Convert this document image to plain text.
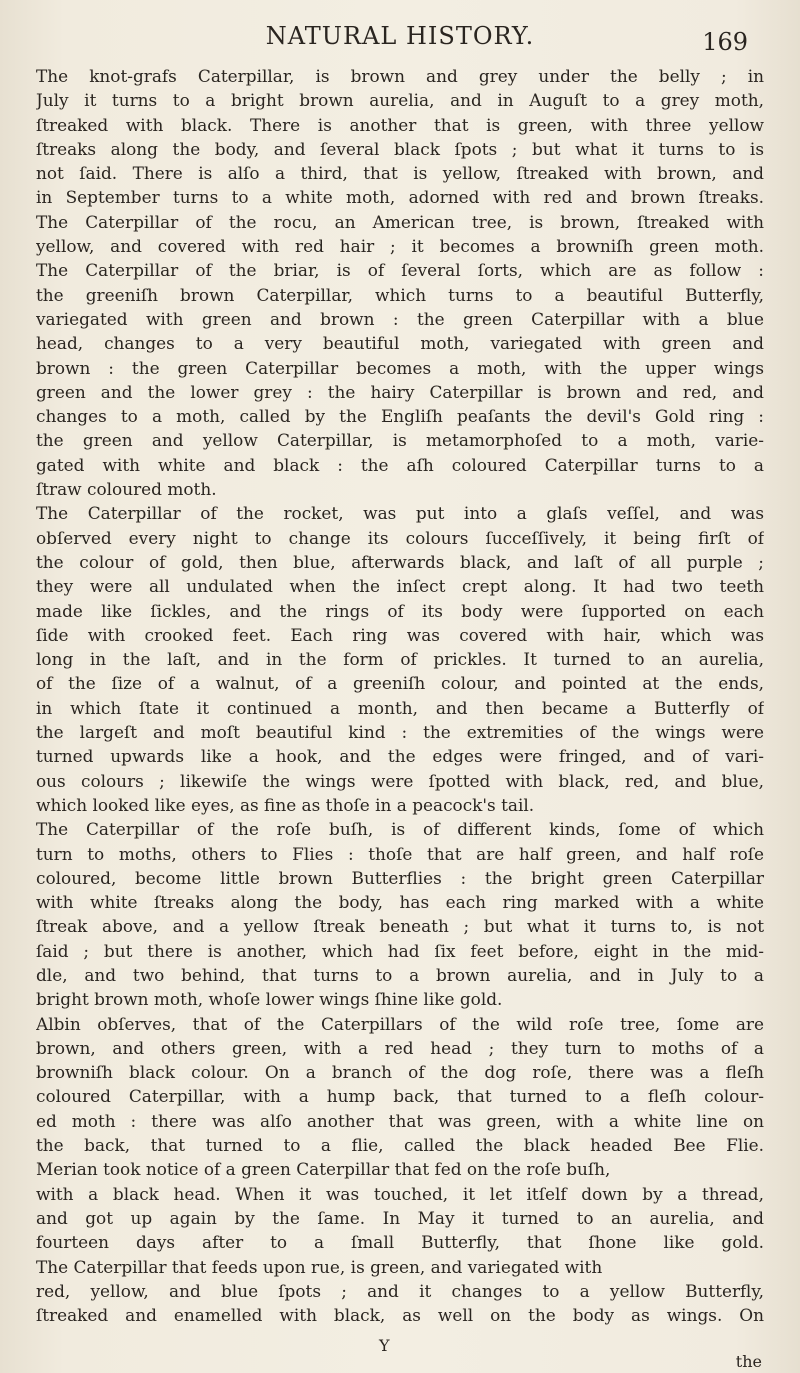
NATURAL HISTORY.	169
The knot-grafs Caterpillar, is brown and grey under the belly ; in
July it turns to a bright brown aurelia, and in Auguſt to a grey moth,
ſtreaked with black. There is another that is green, with three yellow
ſtreaks along the body, and ſeveral black ſpots ; but what it turns to is
not ſaid. There is alſo a third, that is yellow, ſtreaked with brown, and
in September turns to a white moth, adorned with red and brown ſtreaks.
The Caterpillar of the rocu, an American tree, is brown, ſtreaked with
yellow, and covered with red hair ; it becomes a browniſh green moth.
The Caterpillar of the briar, is of ſeveral ſorts, which are as follow :
the greeniſh brown Caterpillar, which turns to a beautiful Butterfly,
variegated with green and brown : the green Caterpillar with a blue
head, changes to a very beautiful moth, variegated with green and
brown : the green Caterpillar becomes a moth, with the upper wings
green and the lower grey : the hairy Caterpillar is brown and red, and
changes to a moth, called by the Engliſh peaſants the devil's Gold ring :
the green and yellow Caterpillar, is metamorphoſed to a moth, varie-
gated with white and black : the aſh coloured Caterpillar turns to a
ſtraw coloured moth.
The Caterpillar of the rocket, was put into a glaſs veſſel, and was
obſerved every night to change its colours ſucceſſively, it being firſt of
the colour of gold, then blue, afterwards black, and laſt of all purple ;
they were all undulated when the inſect crept along. It had two teeth
made like ſickles, and the rings of its body were ſupported on each
ſide with crooked feet. Each ring was covered with hair, which was
long in the laſt, and in the form of prickles. It turned to an aurelia,
of the ſize of a walnut, of a greeniſh colour, and pointed at the ends,
in which ſtate it continued a month, and then became a Butterfly of
the largeſt and moſt beautiful kind : the extremities of the wings were
turned upwards like a hook, and the edges were fringed, and of vari-
ous colours ; likewiſe the wings were ſpotted with black, red, and blue,
which looked like eyes, as fine as thoſe in a peacock's tail.
The Caterpillar of the roſe buſh, is of different kinds, ſome of which
turn to moths, others to Flies : thoſe that are half green, and half roſe
coloured, become little brown Butterflies : the bright green Caterpillar
with white ſtreaks along the body, has each ring marked with a white
ſtreak above, and a yellow ſtreak beneath ; but what it turns to, is not
ſaid ; but there is another, which had ſix feet before, eight in the mid-
dle, and two behind, that turns to a brown aurelia, and in July to a
bright brown moth, whoſe lower wings ſhine like gold.
Albin obſerves, that of the Caterpillars of the wild roſe tree, ſome are
brown, and others green, with a red head ; they turn to moths of a
browniſh black colour. On a branch of the dog roſe, there was a fleſh
coloured Caterpillar, with a hump back, that turned to a fleſh colour-
ed moth : there was alſo another that was green, with a white line on
the back, that turned to a flie, called the black headed Bee Flie.
Merian took notice of a green Caterpillar that fed on the roſe buſh,
with a black head. When it was touched, it let itſelf down by a thread,
and got up again by the ſame. In May it turned to an aurelia, and
fourteen days after to a ſmall Butterfly, that ſhone like gold.
The Caterpillar that feeds upon rue, is green, and variegated with
red, yellow, and blue ſpots ; and it changes to a yellow Butterfly,
ſtreaked and enamelled with black, as well on the body as wings. On
Y
the
